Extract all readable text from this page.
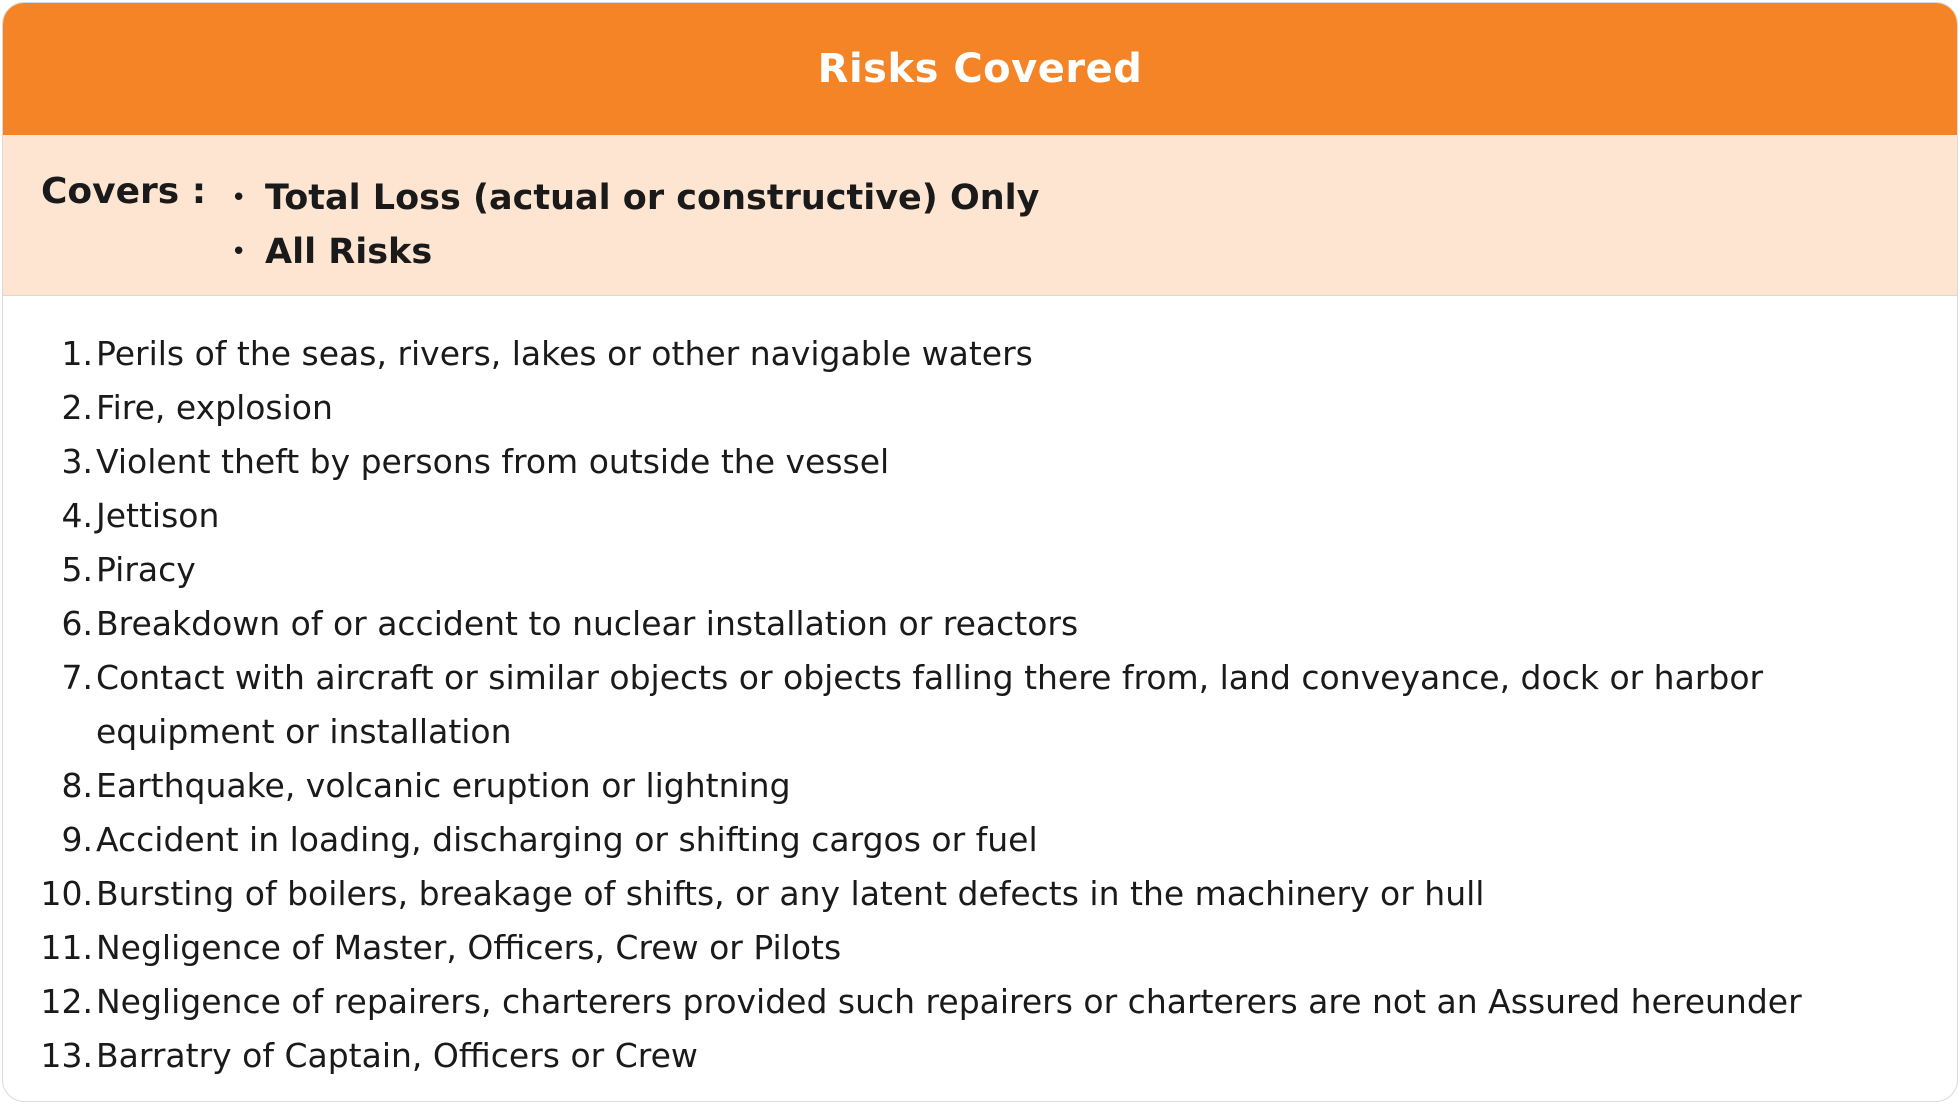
Risks Covered
Covers : • Total Loss (actual or constructive) Only
• All Risks
1. Perils of the seas, rivers, lakes or other navigable waters
2. Fire, explosion
3. Violent theft by persons from outside the vessel
4. Jettison
5. Piracy
6. Breakdown of or accident to nuclear installation or reactors
7. Contact with aircraft or similar objects or objects falling there from, land conveyance, dock or harbor equipment or installation
8. Earthquake, volcanic eruption or lightning
9. Accident in loading, discharging or shifting cargos or fuel
10. Bursting of boilers, breakage of shifts, or any latent defects in the machinery or hull
11. Negligence of Master, Officers, Crew or Pilots
12. Negligence of repairers, charterers provided such repairers or charterers are not an Assured hereunder
13. Barratry of Captain, Officers or Crew
